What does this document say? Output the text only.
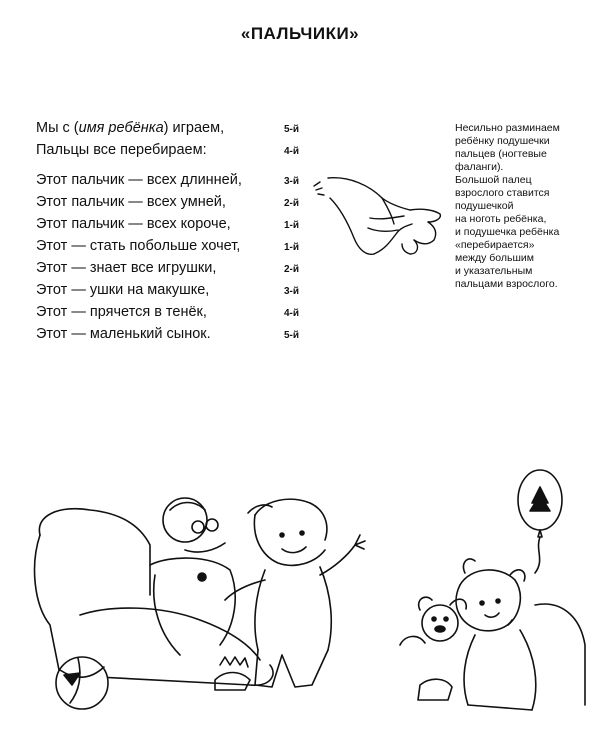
«ПАЛЬЧИКИ»
Мы с (имя ребёнка) играем,	5-й
Пальцы все перебираем:	4-й
Этот пальчик — всех длинней,	3-й
Этот пальчик — всех умней,	2-й
Этот пальчик — всех короче,	1-й
Этот — стать побольше хочет,	1-й
Этот — знает все игрушки,	2-й
Этот — ушки на макушке,	3-й
Этот — прячется в тенёк,	4-й
Этот — маленький сынок.	5-й
Несильно разминаем
ребёнку подушечки
пальцев (ногтевые
фаланги).
Большой палец
взрослого ставится
подушечкой
на ноготь ребёнка,
и подушечка ребёнка
«перебирается»
между большим
и указательным
пальцами взрослого.
